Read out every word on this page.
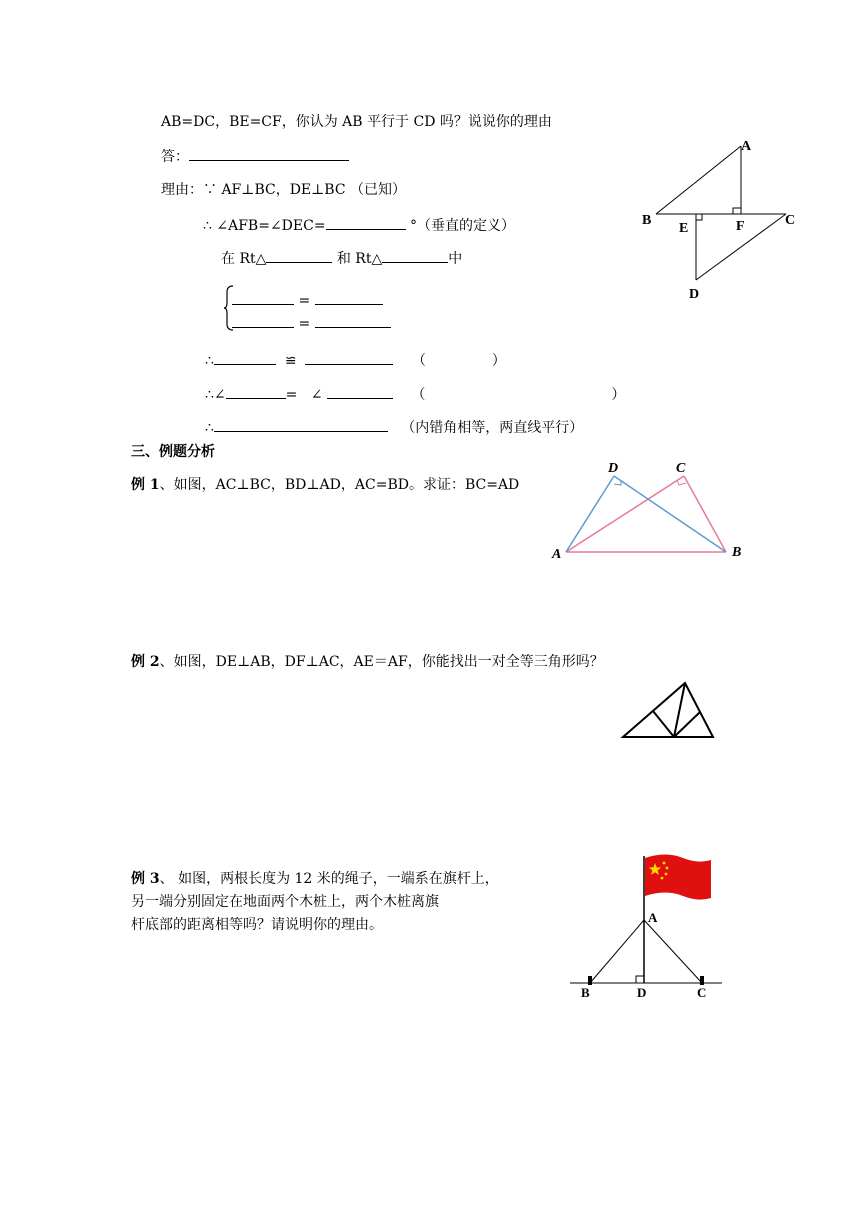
AB=DC，BE=CF，你认为 AB 平行于 CD 吗？说说你的理由
答：
理由：∵ AF⊥BC，DE⊥BC （已知）
∴ ∠AFB=∠DEC=	°（垂直的定义）
在 Rt△	和 Rt△	中
=
=
∴	≌	（	）
∴∠	= ∠	（	）
∴	（内错角相等，两直线平行）
A
B	C
E	F
D
三、例题分析
例 1、如图，AC⊥BC，BD⊥AD，AC=BD。求证：BC=AD
A	B
C
D
例 2、如图，DE⊥AB，DF⊥AC，AE＝AF，你能找出一对全等三角形吗？
例 3、 如图，两根长度为 12 米的绳子，一端系在旗杆上，
另一端分别固定在地面两个木桩上，两个木桩离旗
杆底部的距离相等吗？请说明你的理由。	A
B	D	C
